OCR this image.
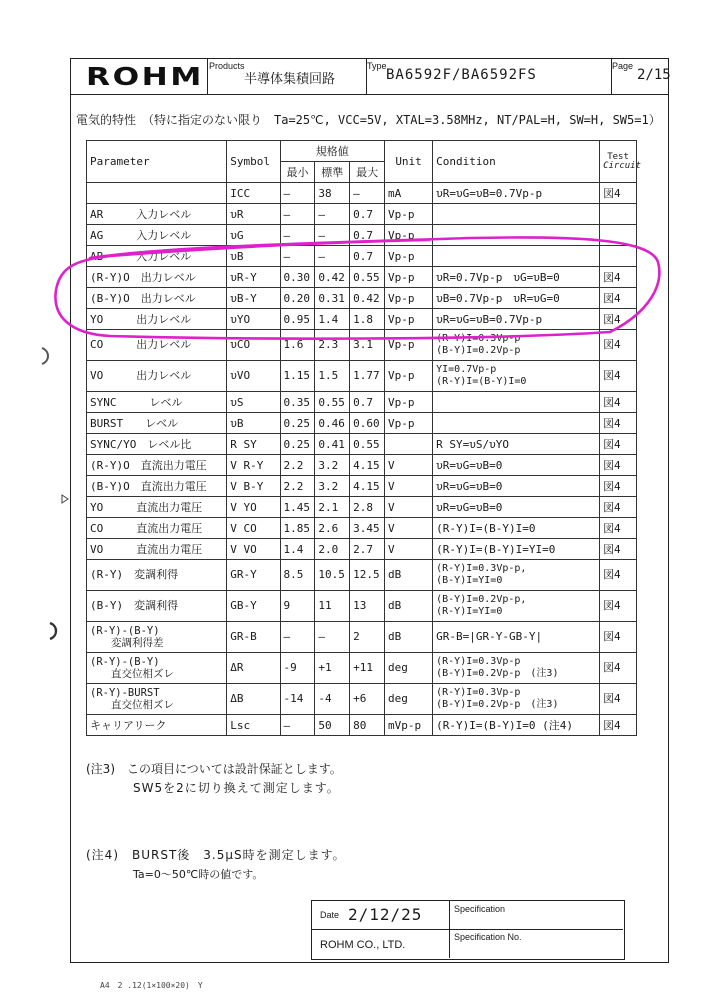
ROHM Products
半導体集積回路
Type
BA6592F/BA6592FS
Page
2/15
電気的特性　（特に指定のない限り　Ta=25℃, VCC=5V, XTAL=3.58MHz, NT/PAL=H, SW=H, SW5=1）
Parameter	Symbol	規格値			Unit	Condition	Test
Circuit

		最小	標準	最大			
	ICC	—	38	—	mA	υR=υG=υB=0.7Vp-p	図4
AR　　　入力レベル	υR	—	—	0.7	Vp-p		
AG　　　入力レベル	υG	—	—	0.7	Vp-p		
AB　　　入力レベル	υB	—	—	0.7	Vp-p		
(R-Y)O　出力レベル	υR-Y	0.30	0.42	0.55	Vp-p	υR=0.7Vp-p　υG=υB=0	図4
(B-Y)O　出力レベル	υB-Y	0.20	0.31	0.42	Vp-p	υB=0.7Vp-p　υR=υG=0	図4
YO　　　出力レベル	υYO	0.95	1.4	1.8	Vp-p	υR=υG=υB=0.7Vp-p	図4
CO　　　出力レベル	υCO	1.6	2.3	3.1	Vp-p	(R-Y)I=0.3Vp-p
(B-Y)I=0.2Vp-p	図4
VO　　　出力レベル	υVO	1.15	1.5	1.77	Vp-p	YI=0.7Vp-p
(R-Y)I=(B-Y)I=0	図4
SYNC　　　レベル	υS	0.35	0.55	0.7	Vp-p		図4
BURST　　レベル	υB	0.25	0.46	0.60	Vp-p		図4
SYNC/YO　レベル比	R SY	0.25	0.41	0.55		R SY=υS/υYO	図4
(R-Y)O　直流出力電圧	V R-Y	2.2	3.2	4.15	V	υR=υG=υB=0	図4
(B-Y)O　直流出力電圧	V B-Y	2.2	3.2	4.15	V	υR=υG=υB=0	図4
YO　　　直流出力電圧	V YO	1.45	2.1	2.8	V	υR=υG=υB=0	図4
CO　　　直流出力電圧	V CO	1.85	2.6	3.45	V	(R-Y)I=(B-Y)I=0	図4
VO　　　直流出力電圧	V VO	1.4	2.0	2.7	V	(R-Y)I=(B-Y)I=YI=0	図4
(R-Y)　変調利得	GR-Y	8.5	10.5	12.5	dB	(R-Y)I=0.3Vp-p,
(B-Y)I=YI=0	図4
(B-Y)　変調利得	GB-Y	9	11	13	dB	(B-Y)I=0.2Vp-p,
(R-Y)I=YI=0	図4
(R-Y)-(B-Y)
　　変調利得差	GR-B	—	—	2	dB	GR-B=|GR-Y-GB-Y|	図4
(R-Y)-(B-Y)
　　直交位相ズレ	ΔR	-9	+1	+11	deg	(R-Y)I=0.3Vp-p
(B-Y)I=0.2Vp-p　(注3)	図4
(R-Y)-BURST
　　直交位相ズレ	ΔB	-14	-4	+6	deg	(R-Y)I=0.3Vp-p
(B-Y)I=0.2Vp-p　(注3)	図4
キャリアリーク	Lsc	—	50	80	mVp-p	(R-Y)I=(B-Y)I=0 (注4)	図4
(注3)　この項目については設計保証とします。
SW5を2に切り換えて測定します。
(注4)　BURST後　3.5μS時を測定します。
Ta=0～50℃時の値です。
Date 2/12/25	Specification
ROHM CO., LTD.
Specification No.
A4　2 .12(1×100×20)　Y
